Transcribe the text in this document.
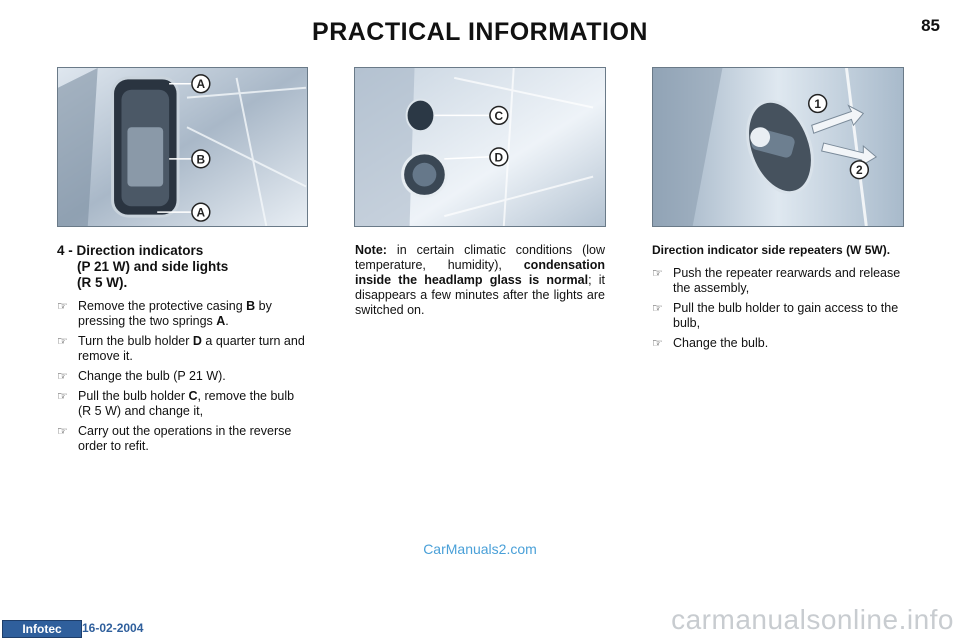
PRACTICAL INFORMATION	85
A
B
A
C
D
1
2
4 - Direction indicators
(P 21 W) and side lights
(R 5 W).
☞ Remove the protective casing B by pressing the two springs A.
☞ Turn the bulb holder D a quarter turn and remove it.
☞ Change the bulb (P 21 W).
☞ Pull the bulb holder C, remove the bulb (R 5 W) and change it,
☞ Carry out the operations in the reverse order to refit.
Note: in certain climatic conditions (low temperature, humidity), condensation inside the headlamp glass is normal; it disappears a few minutes after the lights are switched on.
Direction indicator side repeaters (W 5W).
☞ Push the repeater rearwards and release the assembly,
☞ Pull the bulb holder to gain access to the bulb,
☞ Change the bulb.
CarManuals2.com
Infotec	16-02-2004	carmanualsonline.info
